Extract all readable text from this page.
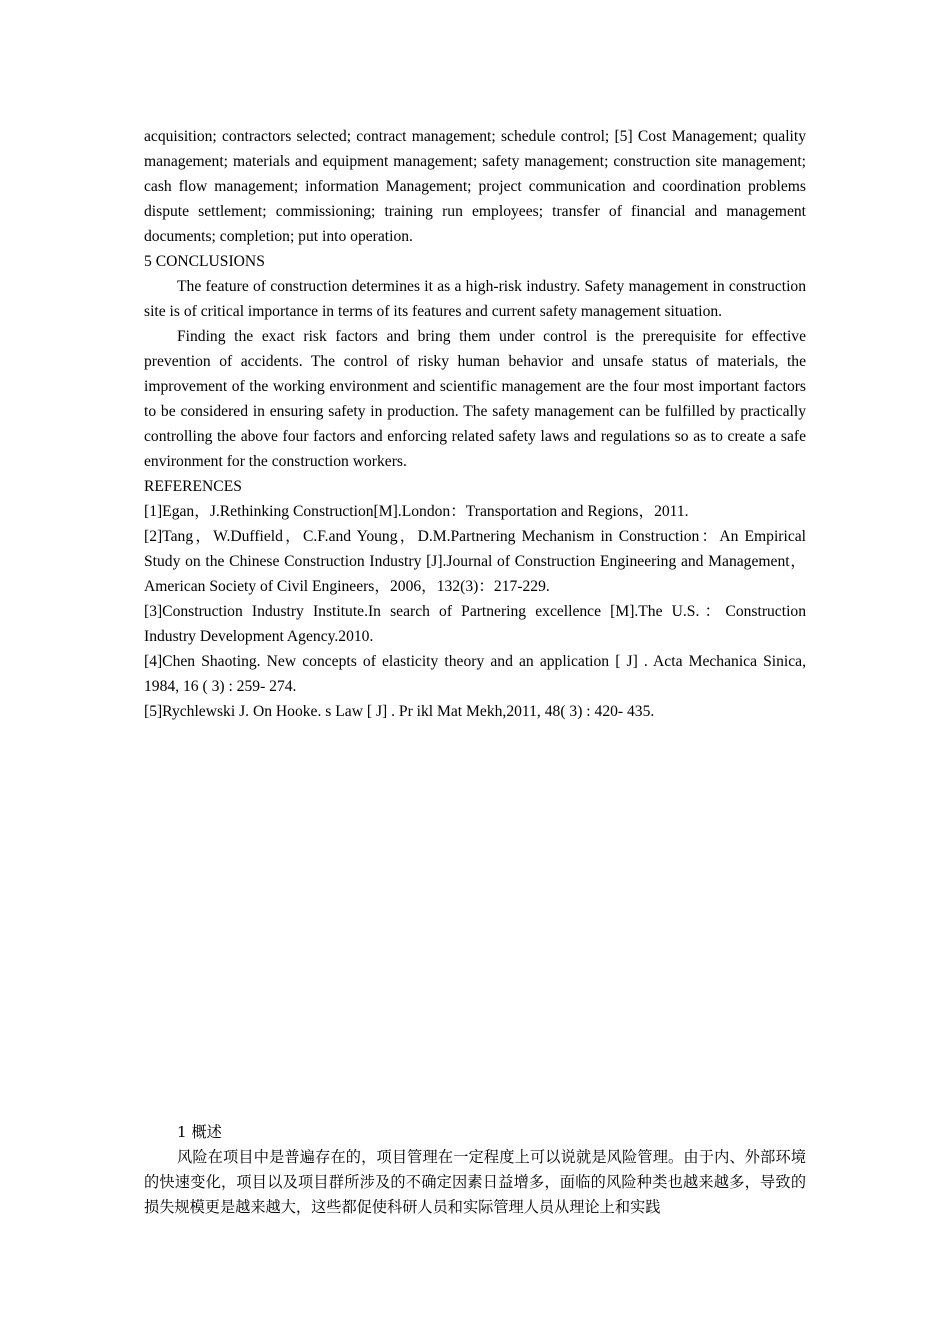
acquisition; contractors selected; contract management; schedule control; [5] Cost Management; quality management; materials and equipment management; safety management; construction site management; cash flow management; information Management; project communication and coordination problems dispute settlement; commissioning; training run employees; transfer of financial and management documents; completion; put into operation.

5 CONCLUSIONS

The feature of construction determines it as a high-risk industry. Safety management in construction site is of critical importance in terms of its features and current safety management situation.

Finding the exact risk factors and bring them under control is the prerequisite for effective prevention of accidents. The control of risky human behavior and unsafe status of materials, the improvement of the working environment and scientific management are the four most important factors to be considered in ensuring safety in production. The safety management can be fulfilled by practically controlling the above four factors and enforcing related safety laws and regulations so as to create a safe environment for the construction workers.

REFERENCES

[1]Egan，J.Rethinking Construction[M].London：Transportation and Regions，2011.

[2]Tang，W.Duffield，C.F.and Young，D.M.Partnering Mechanism in Construction：An Empirical Study on the Chinese Construction Industry [J].Journal of Construction Engineering and Management，American Society of Civil Engineers，2006，132(3)：217-229.

[3]Construction Industry Institute.In search of Partnering excellence [M].The U.S.：Construction Industry Development Agency.2010.

[4]Chen Shaoting. New concepts of elasticity theory and an application [ J] . Acta Mechanica Sinica, 1984, 16 ( 3) : 259- 274.

[5]Rychlewski J. On Hooke. s Law [ J] . Pr ikl Mat Mekh,2011, 48( 3) : 420- 435.

1 概述

风险在项目中是普遍存在的，项目管理在一定程度上可以说就是风险管理。由于内、外部环境的快速变化，项目以及项目群所涉及的不确定因素日益增多，面临的风险种类也越来越多，导致的损失规模更是越来越大，这些都促使科研人员和实际管理人员从理论上和实践
